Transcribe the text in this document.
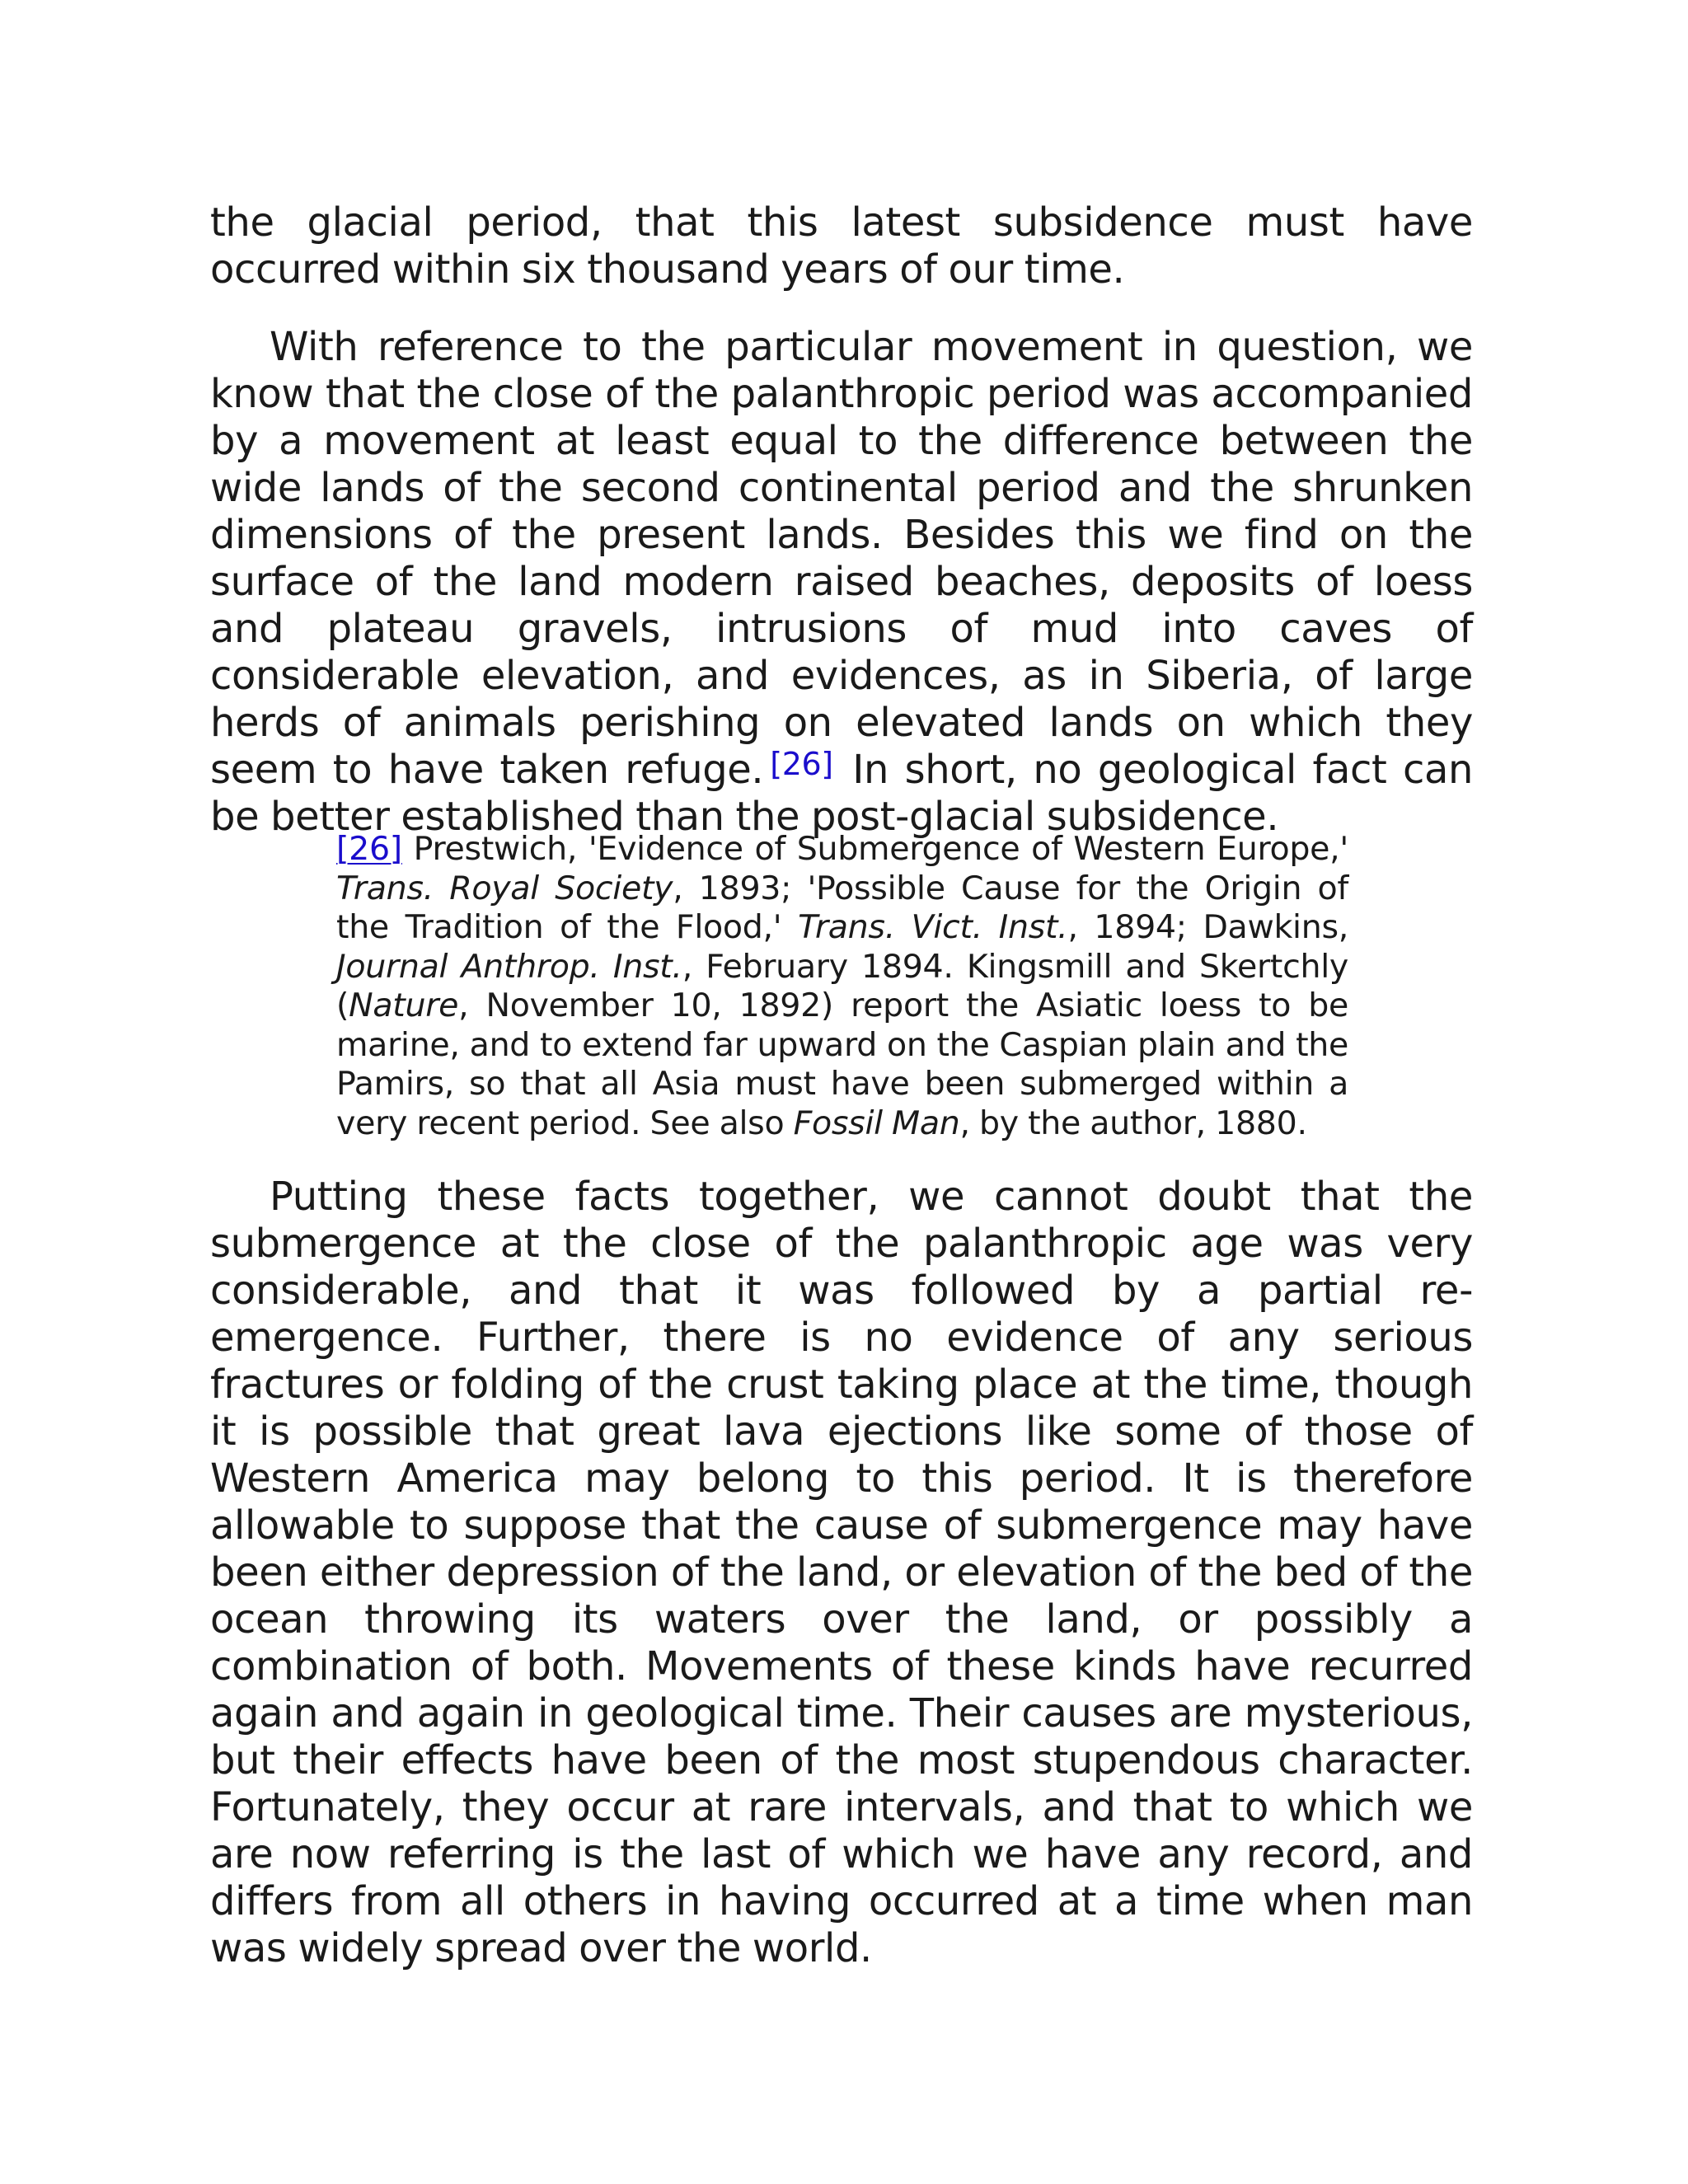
the glacial period, that this latest subsidence must have occurred within six thousand years of our time.

With reference to the particular movement in question, we know that the close of the palanthropic period was accompanied by a movement at least equal to the difference between the wide lands of the second continental period and the shrunken dimensions of the present lands. Besides this we find on the surface of the land modern raised beaches, deposits of loess and plateau gravels, intrusions of mud into caves of considerable elevation, and evidences, as in Siberia, of large herds of animals perishing on elevated lands on which they seem to have taken refuge. [26] In short, no geological fact can be better established than the post-glacial subsidence.

[26] Prestwich, 'Evidence of Submergence of Western Europe,' Trans. Royal Society, 1893; 'Possible Cause for the Origin of the Tradition of the Flood,' Trans. Vict. Inst., 1894; Dawkins, Journal Anthrop. Inst., February 1894. Kingsmill and Skertchly (Nature, November 10, 1892) report the Asiatic loess to be marine, and to extend far upward on the Caspian plain and the Pamirs, so that all Asia must have been submerged within a very recent period. See also Fossil Man, by the author, 1880.

Putting these facts together, we cannot doubt that the submergence at the close of the palanthropic age was very considerable, and that it was followed by a partial re-emergence. Further, there is no evidence of any serious fractures or folding of the crust taking place at the time, though it is possible that great lava ejections like some of those of Western America may belong to this period. It is therefore allowable to suppose that the cause of submergence may have been either depression of the land, or elevation of the bed of the ocean throwing its waters over the land, or possibly a combination of both. Movements of these kinds have recurred again and again in geological time. Their causes are mysterious, but their effects have been of the most stupendous character. Fortunately, they occur at rare intervals, and that to which we are now referring is the last of which we have any record, and differs from all others in having occurred at a time when man was widely spread over the world.
